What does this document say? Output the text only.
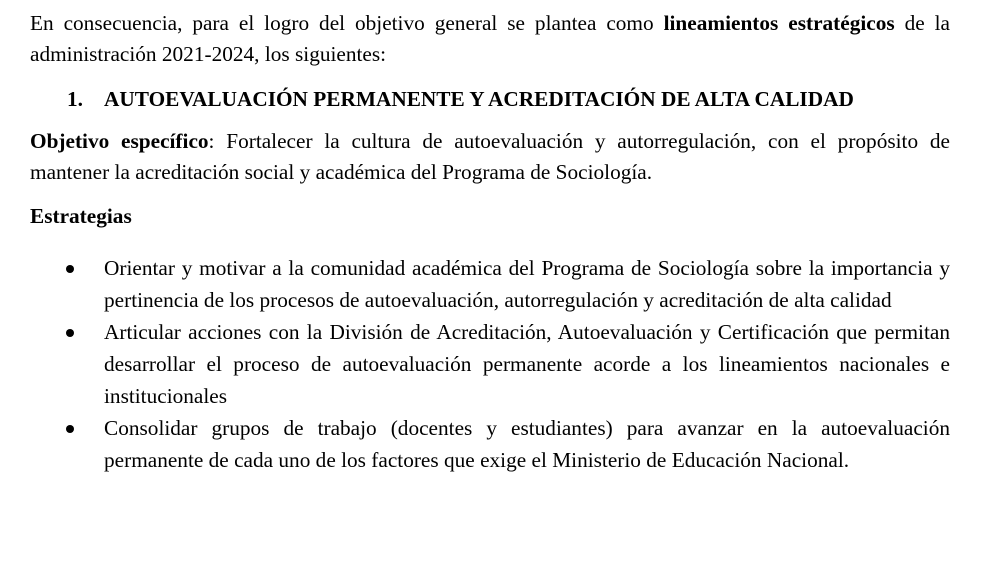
En consecuencia, para el logro del objetivo general se plantea como lineamientos estratégicos de la administración 2021-2024, los siguientes:

1. AUTOEVALUACIÓN PERMANENTE Y ACREDITACIÓN DE ALTA CALIDAD

Objetivo específico: Fortalecer la cultura de autoevaluación y autorregulación, con el propósito de mantener la acreditación social y académica del Programa de Sociología.

Estrategias
Orientar y motivar a la comunidad académica del Programa de Sociología sobre la importancia y pertinencia de los procesos de autoevaluación, autorregulación y acreditación de alta calidad
Articular acciones con la División de Acreditación, Autoevaluación y Certificación que permitan desarrollar el proceso de autoevaluación permanente acorde a los lineamientos nacionales e institucionales
Consolidar grupos de trabajo (docentes y estudiantes) para avanzar en la autoevaluación permanente de cada uno de los factores que exige el Ministerio de Educación Nacional.
